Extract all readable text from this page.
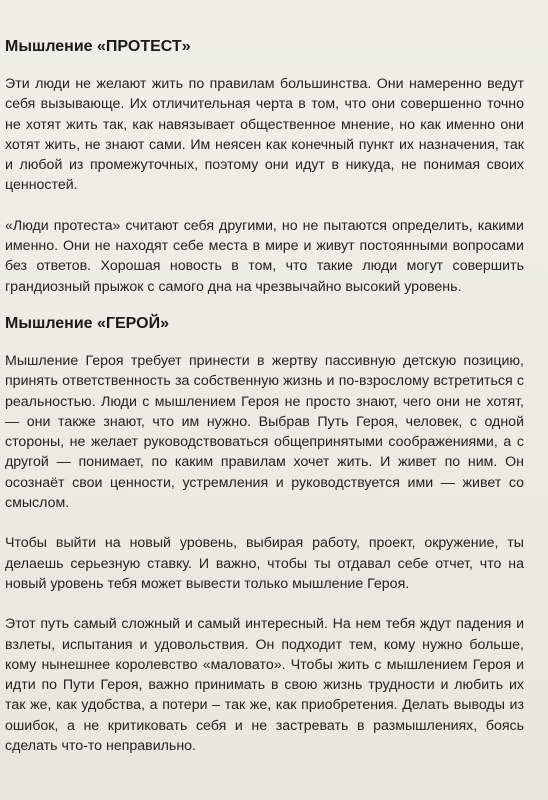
Мышление «ПРОТЕСТ»

Эти люди не желают жить по правилам большинства. Они намеренно ведут себя вызывающе. Их отличительная черта в том, что они совершенно точно не хотят жить так, как навязывает общественное мнение, но как именно они хотят жить, не знают сами. Им неясен как конечный пункт их назначения, так и любой из промежуточных, поэтому они идут в никуда, не понимая своих ценностей.

«Люди протеста» считают себя другими, но не пытаются определить, какими именно. Они не находят себе места в мире и живут постоянными вопросами без ответов. Хорошая новость в том, что такие люди могут совершить грандиозный прыжок с самого дна на чрезвычайно высокий уровень.

Мышление «ГЕРОЙ»

Мышление Героя требует принести в жертву пассивную детскую позицию, принять ответственность за собственную жизнь и по-взрослому встретиться с реальностью. Люди с мышлением Героя не просто знают, чего они не хотят, — они также знают, что им нужно. Выбрав Путь Героя, человек, с одной стороны, не желает руководствоваться общепринятыми соображениями, а с другой — понимает, по каким правилам хочет жить. И живет по ним. Он осознаёт свои ценности, устремления и руководствуется ими — живет со смыслом.

Чтобы выйти на новый уровень, выбирая работу, проект, окружение, ты делаешь серьезную ставку. И важно, чтобы ты отдавал себе отчет, что на новый уровень тебя может вывести только мышление Героя.

Этот путь самый сложный и самый интересный. На нем тебя ждут падения и взлеты, испытания и удовольствия. Он подходит тем, кому нужно больше, кому нынешнее королевство «маловато». Чтобы жить с мышлением Героя и идти по Пути Героя, важно принимать в свою жизнь трудности и любить их так же, как удобства, а потери – так же, как приобретения. Делать выводы из ошибок, а не критиковать себя и не застревать в размышлениях, боясь сделать что-то неправильно.
